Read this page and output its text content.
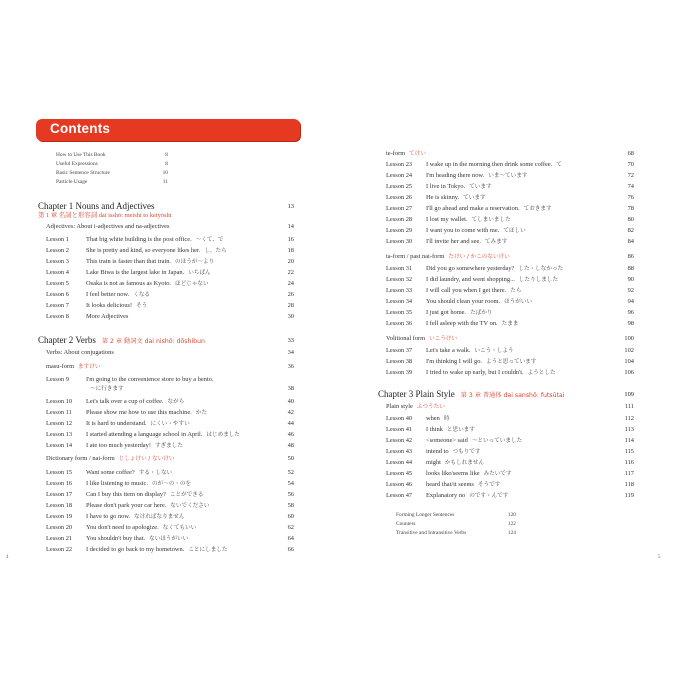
Contents
How to Use This Book	8
Useful Expressions	8
Basic Sentence Structure	10
Particle Usage	11
Chapter 1 Nouns and Adjectives	13
第 1 章 名詞と形容詞 dai isshō: meishi to keiyōshi
Adjectives: About i-adjectives and na-adjectives	14
Lesson 1	That big white building is the post office. ～くて、で	16
Lesson 2	She is pretty and kind, so everyone likes her. し、たら	18
Lesson 3	This train is faster than that train. のほうが～より	20
Lesson 4	Lake Biwa is the largest lake in Japan. いちばん	22
Lesson 5	Osaka is not as famous as Kyoto. ほどじゃない	24
Lesson 6	I feel better now. くなる	26
Lesson 7	It looks delicious! そう	28
Lesson 8	More Adjectives	30
Chapter 2 Verbs 第 2 章 動詞文 dai nishō: dōshibun	33
Verbs: About conjugations	34
masu-form ますけい	36
Lesson 9	I'm going to the convenience store to buy a bento.
～に行きます	38
Lesson 10 Let's talk over a cup of coffee. ながら	40
Lesson 11 Please show me how to use this machine. かた	42
Lesson 12 It is hard to understand. にくい・やすい	44
Lesson 13 I started attending a language school in April. はじめました	46
Lesson 14 I ate too much yesterday! すぎました	48
Dictionary form / nai-form じしょけい / ないけい	50
Lesson 15 Want some coffee? する・しない	52
Lesson 16 I like listening to music. のが～の・のを	54
Lesson 17 Can I buy this item on display? ことができる	56
Lesson 18 Please don't park your car here. ないでください	58
Lesson 19 I have to go now. なければなりません	60
Lesson 20 You don't need to apologize. なくてもいい	62
Lesson 21 You shouldn't buy that. ないほうがいい	64
Lesson 22 I decided to go back to my hometown. ことにしました	66
4
te-form てけい	68
Lesson 23 I wake up in the morning then drink some coffee. て	70
Lesson 24 I'm heading there now. いま～ています	72
Lesson 25 I live in Tokyo. ています	74
Lesson 26 He is skinny. ています	76
Lesson 27 I'll go ahead and make a reservation. ておきます	78
Lesson 28 I lost my wallet. てしまいました	80
Lesson 29 I want you to come with me. てほしい	82
Lesson 30 I'll invite her and see. てみます	84
ta-form / past nai-form たけい / かこのないけい	86
Lesson 31 Did you go somewhere yesterday? した・しなかった	88
Lesson 32 I did laundry, and went shopping... したりしました	90
Lesson 33 I will call you when I get there. たら	92
Lesson 34 You should clean your room. ほうがいい	94
Lesson 35 I just got home. たばかり	96
Lesson 36 I fell asleep with the TV on. たまま	98
Volitional form いこうけい	100
Lesson 37 Let's take a walk. いこう・しよう	102
Lesson 38 I'm thinking I will go. ようと思っています	104
Lesson 39 I tried to wake up early, but I couldn't. ようとした	106
Chapter 3 Plain Style 第 3 章 普通体 dai sanshō: futsūtai	109
Plain style ふつうたい	111
Lesson 40 when 時	112
Lesson 41 I think と思います	113
Lesson 42 <someone> said ～といっていました	114
Lesson 43 intend to つもりです	115
Lesson 44 might かもしれません	116
Lesson 45 looks like/seems like みたいです	117
Lesson 46 heard that/it seems そうです	118
Lesson 47 Explanatory no のです・んです	119
Forming Longer Sentences	120
Counters	122
Transitive and Intransitive Verbs	124
5
